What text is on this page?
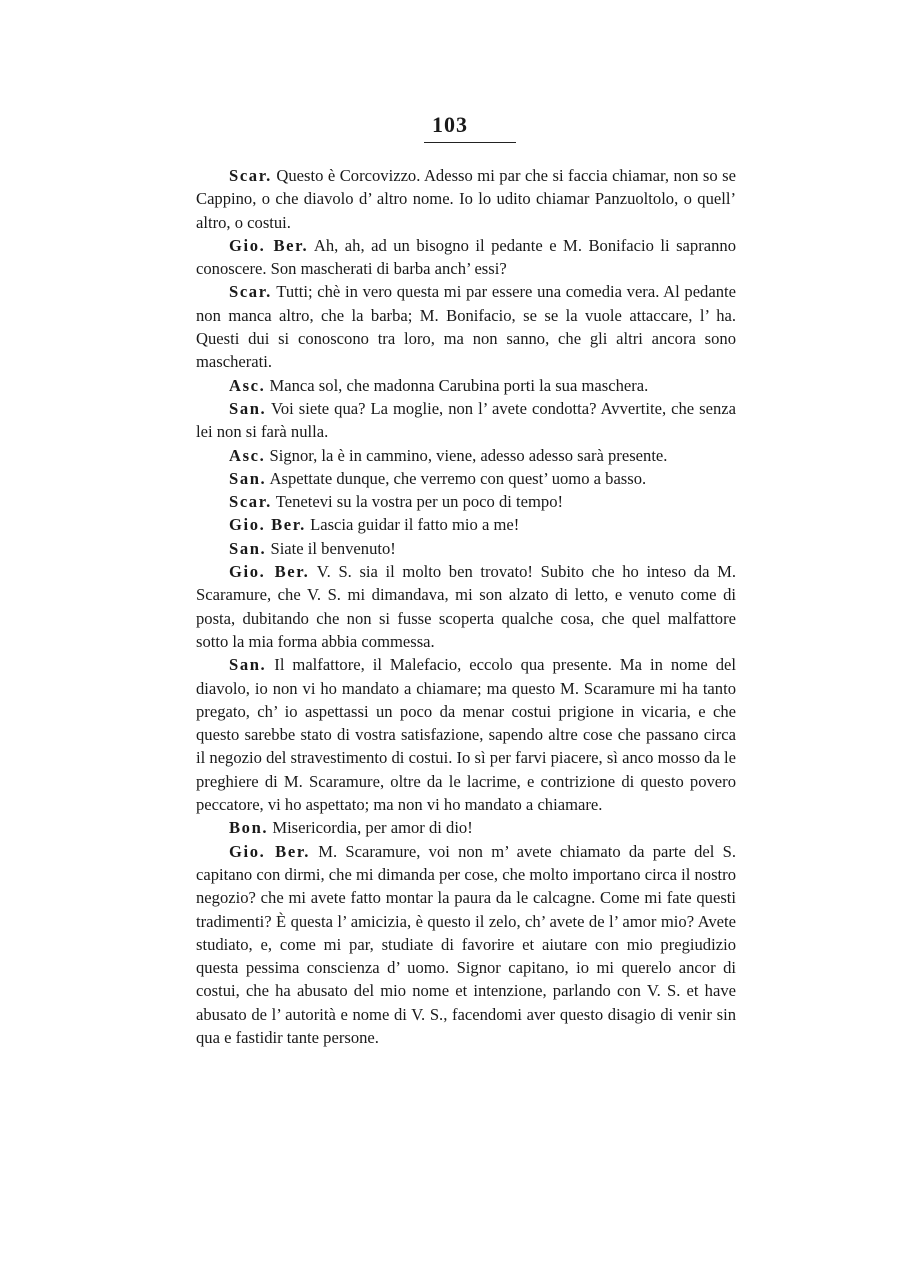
103

Scar. Questo è Corcovizzo. Adesso mi par che si faccia chiamar, non so se Cappino, o che diavolo d’ altro nome. Io lo udito chiamar Panzuoltolo, o quell’ altro, o costui.

Gio. Ber. Ah, ah, ad un bisogno il pedante e M. Bonifacio li sapranno conoscere. Son mascherati di barba anch’ essi?

Scar. Tutti; chè in vero questa mi par essere una comedia vera. Al pedante non manca altro, che la barba; M. Bonifacio, se se la vuole attaccare, l’ ha. Questi dui si conoscono tra loro, ma non sanno, che gli altri ancora sono mascherati.

Asc. Manca sol, che madonna Carubina porti la sua maschera.

San. Voi siete qua? La moglie, non l’ avete condotta? Avvertite, che senza lei non si farà nulla.

Asc. Signor, la è in cammino, viene, adesso adesso sarà presente.

San. Aspettate dunque, che verremo con quest’ uomo a basso.

Scar. Tenetevi su la vostra per un poco di tempo!

Gio. Ber. Lascia guidar il fatto mio a me!

San. Siate il benvenuto!

Gio. Ber. V. S. sia il molto ben trovato! Subito che ho inteso da M. Scaramure, che V. S. mi dimandava, mi son alzato di letto, e venuto come di posta, dubitando che non si fusse scoperta qualche cosa, che quel malfattore sotto la mia forma abbia commessa.

San. Il malfattore, il Malefacio, eccolo qua presente. Ma in nome del diavolo, io non vi ho mandato a chiamare; ma questo M. Scaramure mi ha tanto pregato, ch’ io aspettassi un poco da menar costui prigione in vicaria, e che questo sarebbe stato di vostra satisfazione, sapendo altre cose che passano circa il negozio del stravestimento di costui. Io sì per farvi piacere, sì anco mosso da le preghiere di M. Scaramure, oltre da le lacrime, e contrizione di questo povero peccatore, vi ho aspettato; ma non vi ho mandato a chiamare.

Bon. Misericordia, per amor di dio!

Gio. Ber. M. Scaramure, voi non m’ avete chiamato da parte del S. capitano con dirmi, che mi dimanda per cose, che molto importano circa il nostro negozio? che mi avete fatto montar la paura da le calcagne. Come mi fate questi tradimenti? È questa l’ amicizia, è questo il zelo, ch’ avete de l’ amor mio? Avete studiato, e, come mi par, studiate di favorire et aiutare con mio pregiudizio questa pessima conscienza d’ uomo. Signor capitano, io mi querelo ancor di costui, che ha abusato del mio nome et intenzione, parlando con V. S. et have abusato de l’ autorità e nome di V. S., facendomi aver questo disagio di venir sin qua e fastidir tante persone.
